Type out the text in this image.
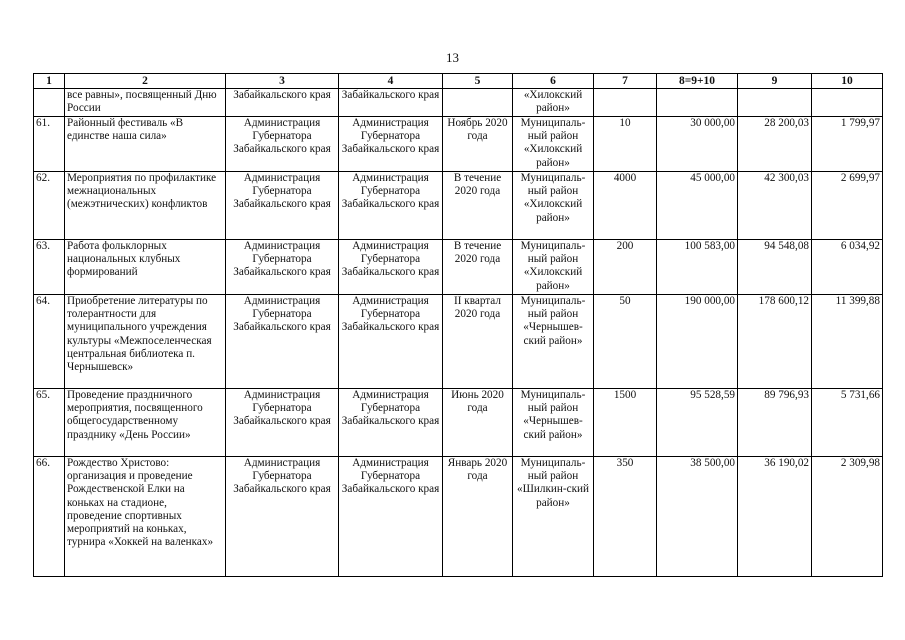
13
1	2	3	4	5	6	7	8=9+10	9	10
	все равны», посвященный Дню России	Забайкальского края	Забайкальского края		«Хилокский район»				
61.	Районный фестиваль «В единстве наша сила»	Администрация Губернатора Забайкальского края	Администрация Губернатора Забайкальского края	Ноябрь 2020 года	Муниципаль-ный район «Хилокский район»	10	30 000,00	28 200,03	1 799,97
62.	Мероприятия по профилактике межнациональных (межэтнических) конфликтов	Администрация Губернатора Забайкальского края	Администрация Губернатора Забайкальского края	В течение 2020 года	Муниципаль-ный район «Хилокский район»	4000	45 000,00	42 300,03	2 699,97
63.	Работа фольклорных национальных клубных формирований	Администрация Губернатора Забайкальского края	Администрация Губернатора Забайкальского края	В течение 2020 года	Муниципаль-ный район «Хилокский район»	200	100 583,00	94 548,08	6 034,92
64.	Приобретение литературы по толерантности для муниципального учреждения культуры «Межпоселенческая центральная библиотека п. Чернышевск»	Администрация Губернатора Забайкальского края	Администрация Губернатора Забайкальского края	II квартал 2020 года	Муниципаль-ный район «Чернышев-ский район»	50	190 000,00	178 600,12	11 399,88
65.	Проведение праздничного мероприятия, посвященного общегосударственному празднику «День России»	Администрация Губернатора Забайкальского края	Администрация Губернатора Забайкальского края	Июнь 2020 года	Муниципаль-ный район «Чернышев-ский район»	1500	95 528,59	89 796,93	5 731,66
66.	Рождество Христово: организация и проведение Рождественской Елки на коньках на стадионе, проведение спортивных мероприятий на коньках, турнира «Хоккей на валенках»	Администрация Губернатора Забайкальского края	Администрация Губернатора Забайкальского края	Январь 2020 года	Муниципаль-ный район «Шилкин-ский район»	350	38 500,00	36 190,02	2 309,98
